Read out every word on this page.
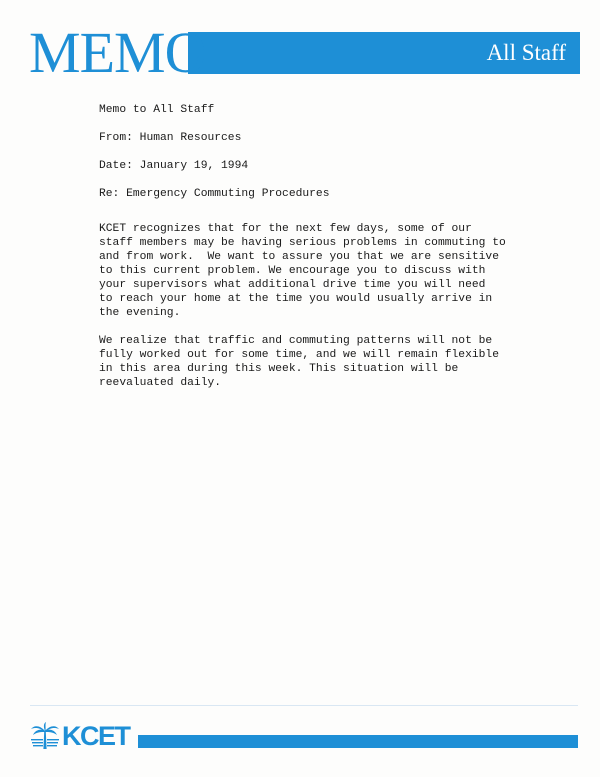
MEMO	All Staff

Memo to All Staff

From: Human Resources

Date: January 19, 1994

Re: Emergency Commuting Procedures

KCET recognizes that for the next few days, some of our
staff members may be having serious problems in commuting to
and from work.  We want to assure you that we are sensitive
to this current problem. We encourage you to discuss with
your supervisors what additional drive time you will need
to reach your home at the time you would usually arrive in
the evening.

We realize that traffic and commuting patterns will not be
fully worked out for some time, and we will remain flexible
in this area during this week. This situation will be
reevaluated daily.

KCET
